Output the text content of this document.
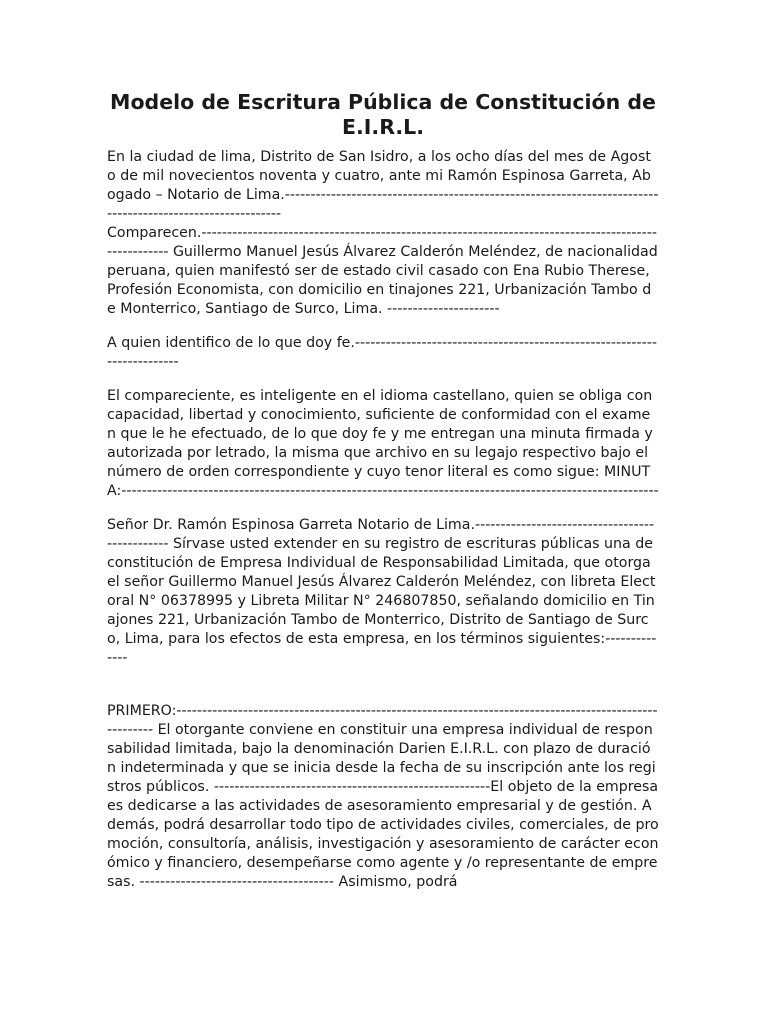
Modelo de Escritura Pública de Constitución de E.I.R.L.

En la ciudad de lima, Distrito de San Isidro, a los ocho días del mes de Agosto de mil novecientos noventa y cuatro, ante mi Ramón Espinosa Garreta, Abogado – Notario de Lima.-----------------------------------------------------------------------------------------------------------

Comparecen.----------------------------------------------------------------------------------------------------- Guillermo Manuel Jesús Álvarez Calderón Meléndez, de nacionalidad peruana, quien manifestó ser de estado civil casado con Ena Rubio Therese, Profesión Economista, con domicilio en tinajones 221, Urbanización Tambo de Monterrico, Santiago de Surco, Lima. ----------------------

A quien identifico de lo que doy fe.-------------------------------------------------------------------------

El compareciente, es inteligente en el idioma castellano, quien se obliga con capacidad, libertad y conocimiento, suficiente de conformidad con el examen que le he efectuado, de lo que doy fe y me entregan una minuta firmada y autorizada por letrado, la misma que archivo en su legajo respectivo bajo el número de orden correspondiente y cuyo tenor literal es como sigue: MINUTA:---------------------------------------------------------------------------------------------------------

Señor Dr. Ramón Espinosa Garreta Notario de Lima.----------------------------------------------- Sírvase usted extender en su registro de escrituras públicas una de constitución de Empresa Individual de Responsabilidad Limitada, que otorga el señor Guillermo Manuel Jesús Álvarez Calderón Meléndez, con libreta Electoral N° 06378995 y Libreta Militar N° 246807850, señalando domicilio en Tinajones 221, Urbanización Tambo de Monterrico, Distrito de Santiago de Surco, Lima, para los efectos de esta empresa, en los términos siguientes:--------------

PRIMERO:------------------------------------------------------------------------------------------------------- El otorgante conviene en constituir una empresa individual de responsabilidad limitada, bajo la denominación Darien E.I.R.L. con plazo de duración indeterminada y que se inicia desde la fecha de su inscripción ante los registros públicos. ------------------------------------------------------El objeto de la empresa es dedicarse a las actividades de asesoramiento empresarial y de gestión. Además, podrá desarrollar todo tipo de actividades civiles, comerciales, de promoción, consultoría, análisis, investigación y asesoramiento de carácter económico y financiero, desempeñarse como agente y /o representante de empresas. -------------------------------------- Asimismo, podrá
